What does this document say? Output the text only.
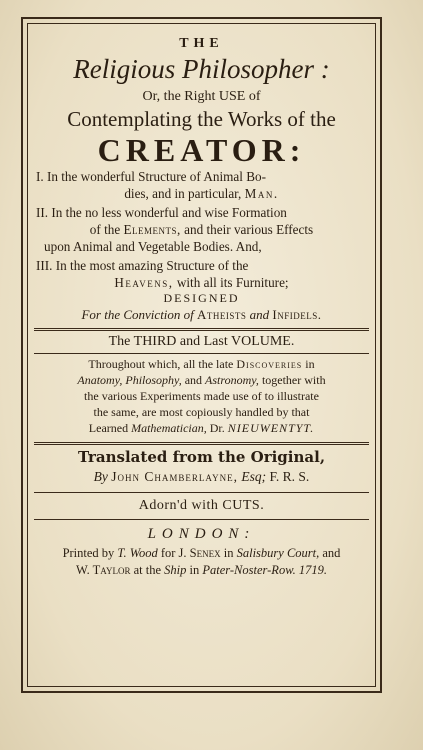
THE
Religious Philosopher :
Or, the Right USE of
Contemplating the Works of the
CREATOR:
I. In the wonderful Structure of Animal Bo-
dies, and in particular, Man.
II. In the no less wonderful and wise Formation
of the Elements, and their various Effects
upon Animal and Vegetable Bodies. And,
III. In the most amazing Structure of the
Heavens, with all its Furniture;
DESIGNED
For the Conviction of Atheists and Infidels.
The THIRD and Last VOLUME.
Throughout which, all the late Discoveries in
Anatomy, Philosophy, and Astronomy, together with
the various Experiments made use of to illustrate
the same, are most copiously handled by that
Learned Mathematician, Dr. NIEUWENTYT.
Translated from the Original,
By John Chamberlayne, Esq; F. R. S.
Adorn'd with CUTS.
LONDON:
Printed by T. Wood for J. Senex in Salisbury Court, and
W. Taylor at the Ship in Pater-Noster-Row. 1719.
